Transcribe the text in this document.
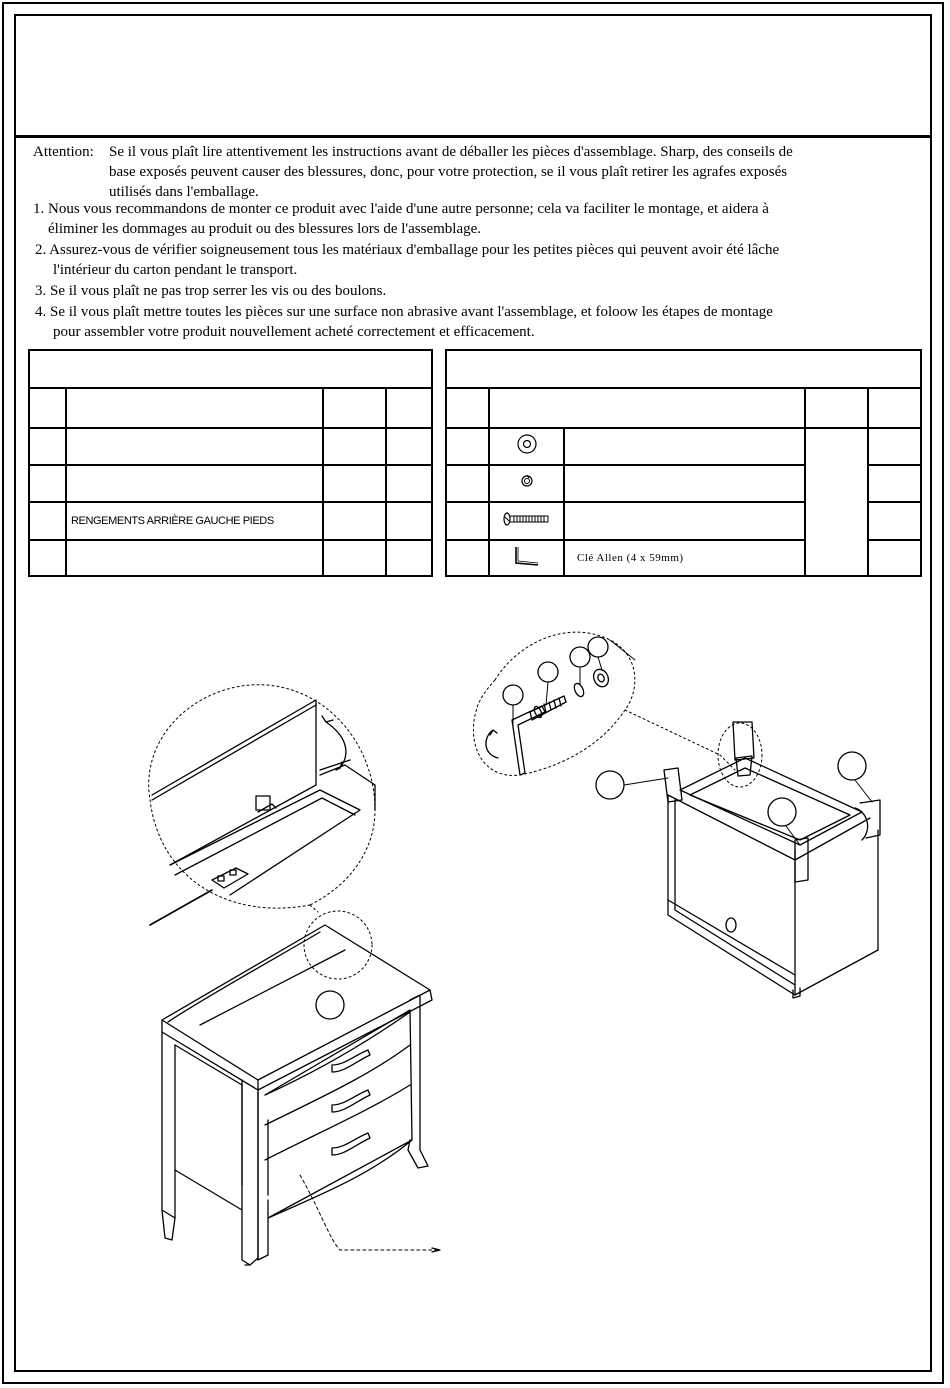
Attention: Se il vous plaît lire attentivement les instructions avant de déballer les pièces d'assemblage. Sharp, des conseils de
base exposés peuvent causer des blessures, donc, pour votre protection, se il vous plaît retirer les agrafes exposés
utilisés dans l'emballage.
1. Nous vous recommandons de monter ce produit avec l'aide d'une autre personne; cela va faciliter le montage, et aidera à
éliminer les dommages au produit ou des blessures lors de l'assemblage.
2. Assurez-vous de vérifier soigneusement tous les matériaux d'emballage pour les petites pièces qui peuvent avoir été lâche
l'intérieur du carton pendant le transport.
3. Se il vous plaît ne pas trop serrer les vis ou des boulons.
4. Se il vous plaît mettre toutes les pièces sur une surface non abrasive avant l'assemblage, et foloow les étapes de montage
pour assembler votre produit nouvellement acheté correctement et efficacement.

	RENGEMENTS ARRIÈRE GAUCHE PIEDS		

		Clé Allen (4 x 59mm)		
